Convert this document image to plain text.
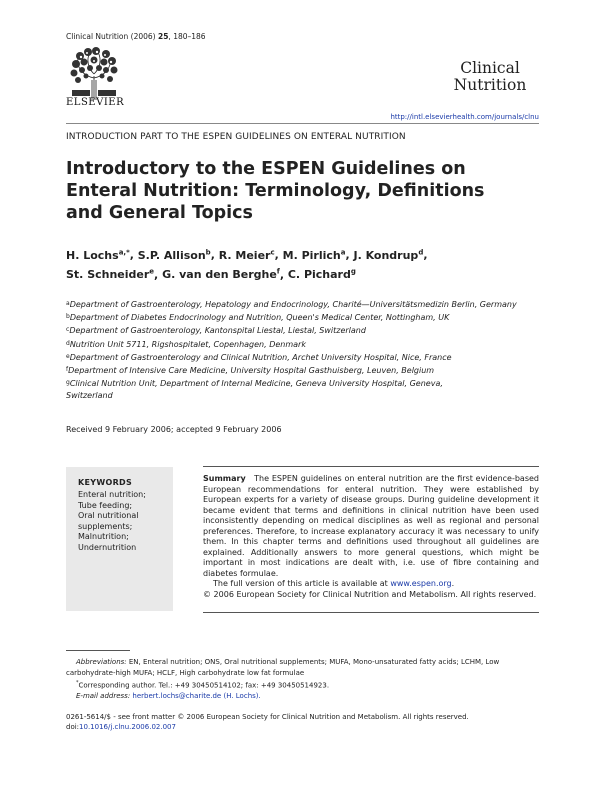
Clinical Nutrition (2006) 25, 180–186
ELSEVIER
Clinical
Nutrition
http://intl.elsevierhealth.com/journals/clnu
INTRODUCTION PART TO THE ESPEN GUIDELINES ON ENTERAL NUTRITION
Introductory to the ESPEN Guidelines on Enteral Nutrition: Terminology, Definitions and General Topics
H. Lochs$^{a,*}$, S.P. Allison$^b$, R. Meier$^c$, M. Pirlich$^a$, J. Kondrup$^d$,
St. Schneider$^e$, G. van den Berghe$^f$, C. Pichard$^g$
$^a$Department of Gastroenterology, Hepatology and Endocrinology, Charité—Universitätsmedizin Berlin, Germany
$^b$Department of Diabetes Endocrinology and Nutrition, Queen's Medical Center, Nottingham, UK
$^c$Department of Gastroenterology, Kantonspital Liestal, Liestal, Switzerland
$^d$Nutrition Unit 5711, Rigshospitalet, Copenhagen, Denmark
$^e$Department of Gastroenterology and Clinical Nutrition, Archet University Hospital, Nice, France
$^f$Department of Intensive Care Medicine, University Hospital Gasthuisberg, Leuven, Belgium
$^g$Clinical Nutrition Unit, Department of Internal Medicine, Geneva University Hospital, Geneva, Switzerland
Received 9 February 2006; accepted 9 February 2006
KEYWORDS
Enteral nutrition;
Tube feeding;
Oral nutritional supplements;
Malnutrition;
Undernutrition

Summary The ESPEN guidelines on enteral nutrition are the first evidence-based European recommendations for enteral nutrition. They were established by European experts for a variety of disease groups. During guideline development it became evident that terms and definitions in clinical nutrition have been used inconsistently depending on medical disciplines as well as regional and personal preferences. Therefore, to increase explanatory accuracy it was necessary to unify them. In this chapter terms and definitions used throughout all guidelines are explained. Additionally answers to more general questions, which might be important in most indications are dealt with, i.e. use of fibre containing and diabetes formulae.

The full version of this article is available at www.espen.org.

© 2006 European Society for Clinical Nutrition and Metabolism. All rights reserved.

Abbreviations: EN, Enteral nutrition; ONS, Oral nutritional supplements; MUFA, Mono-unsaturated fatty acids; LCHM, Low carbohydrate-high MUFA; HCLF, High carbohydrate low fat formulae

*Corresponding author. Tel.: +49 30450514102; fax: +49 30450514923.

E-mail address: herbert.lochs@charite.de (H. Lochs).

0261-5614/$ - see front matter © 2006 European Society for Clinical Nutrition and Metabolism. All rights reserved.

doi:10.1016/j.clnu.2006.02.007
